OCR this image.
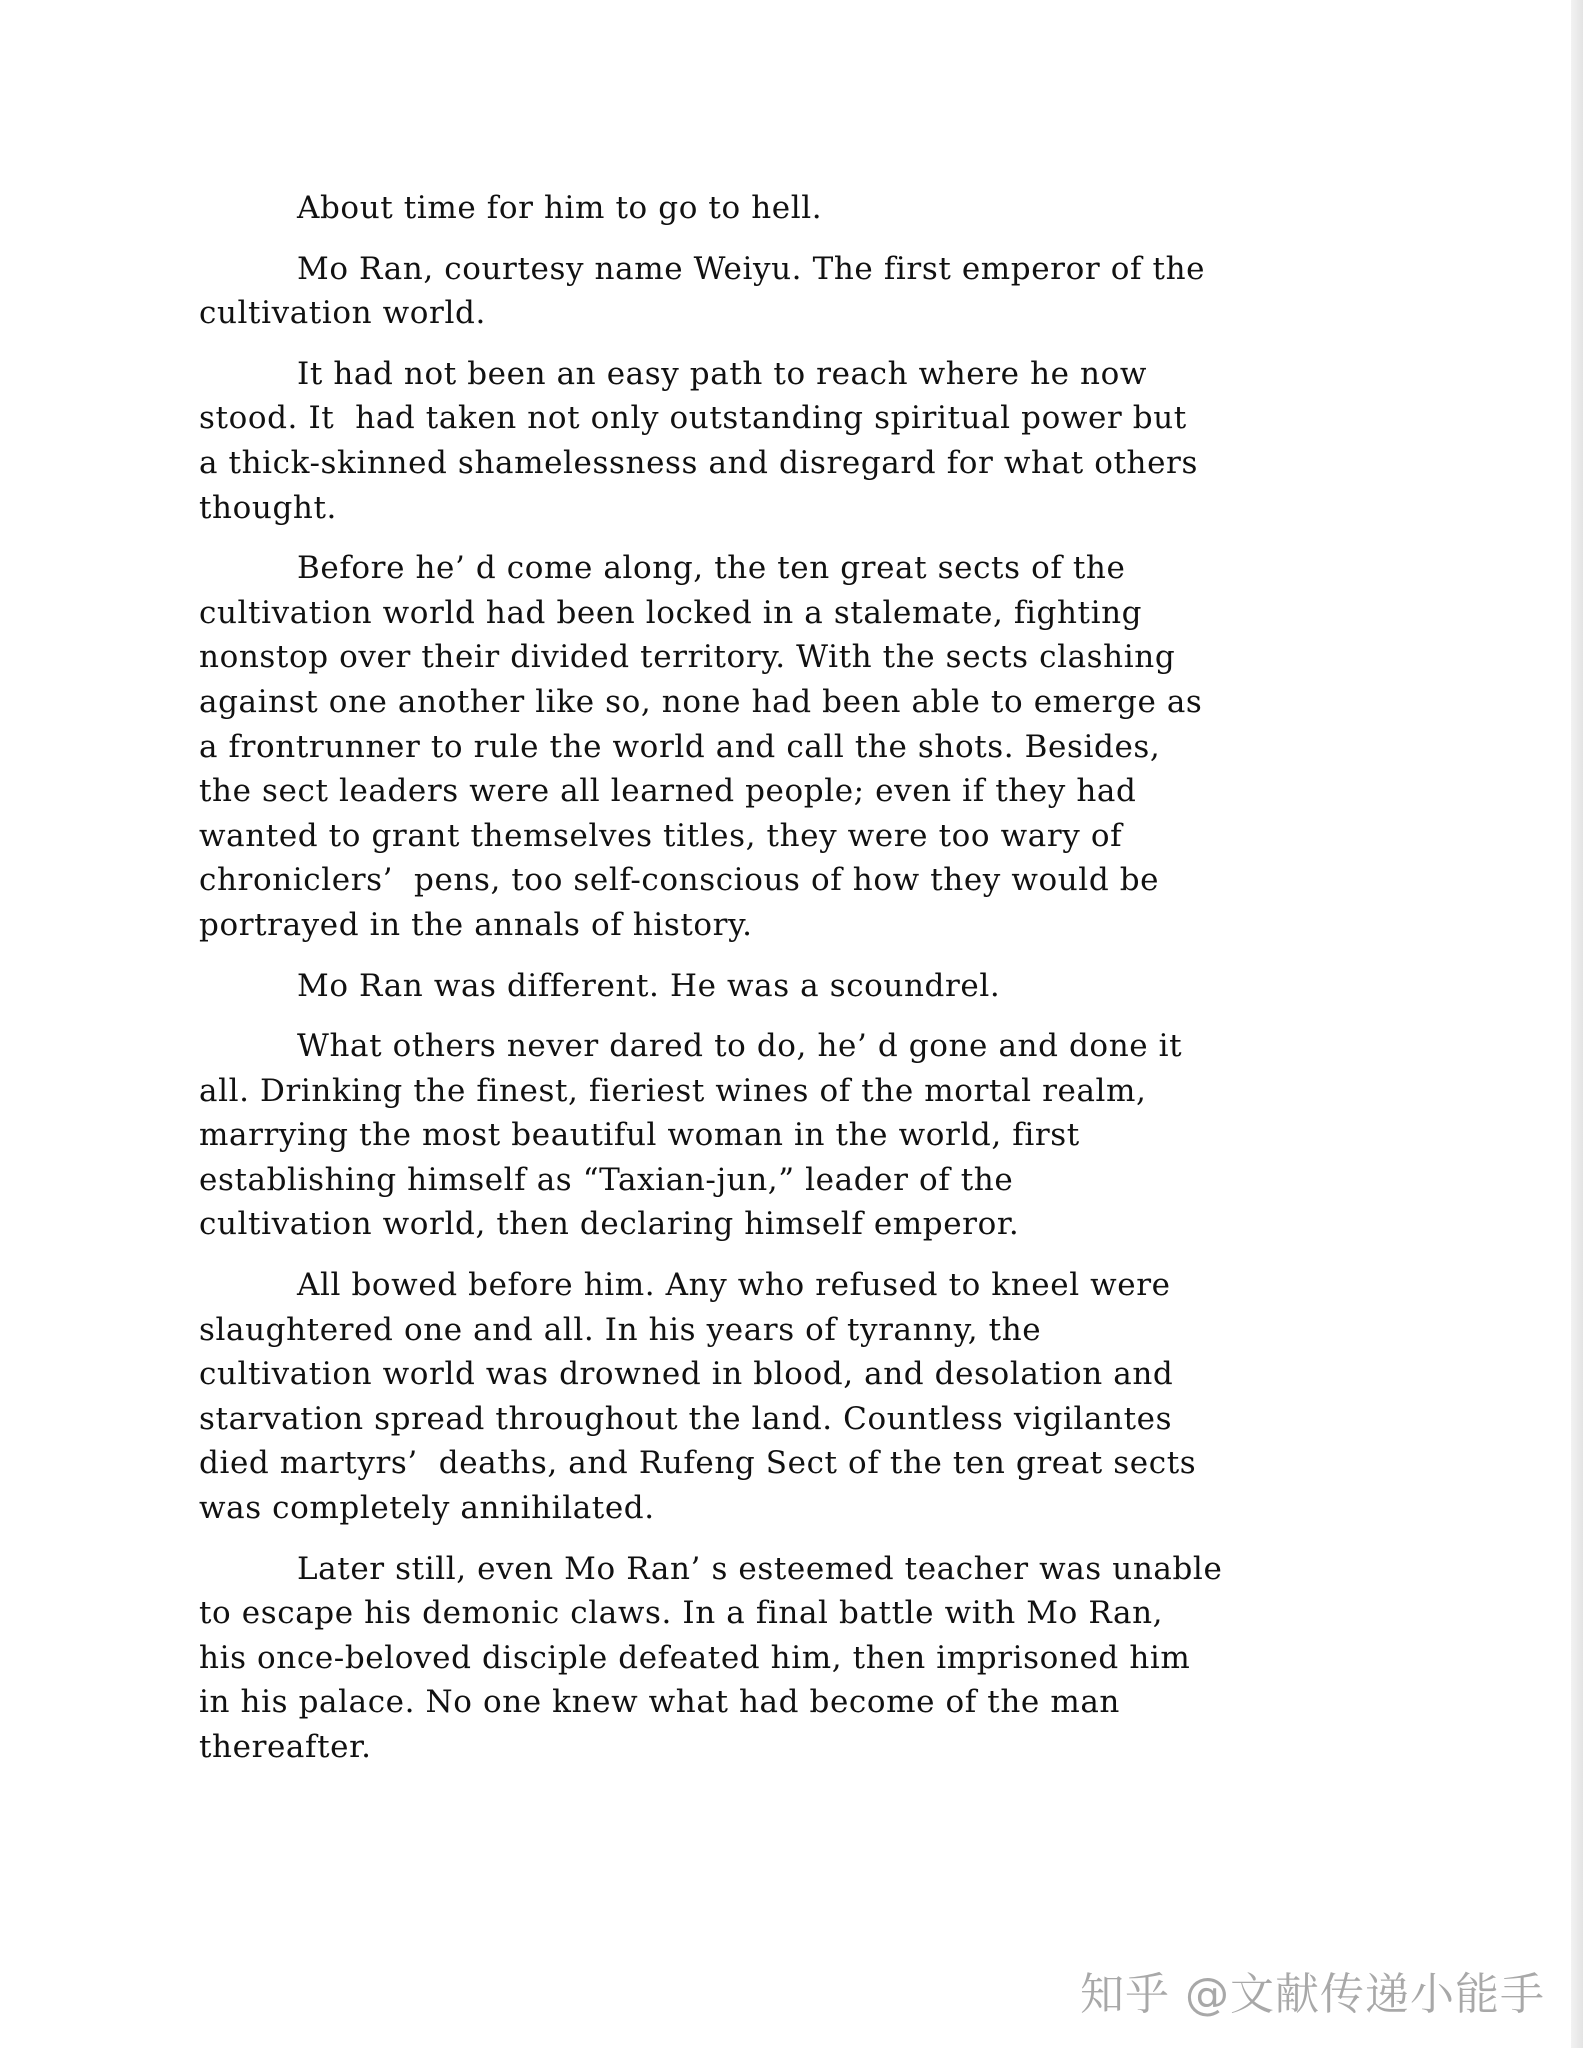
About time for him to go to hell.

Mo Ran, courtesy name Weiyu. The first emperor of the
cultivation world.

It had not been an easy path to reach where he now
stood. It  had taken not only outstanding spiritual power but
a thick-skinned shamelessness and disregard for what others
thought.

Before he’ d come along, the ten great sects of the
cultivation world had been locked in a stalemate, fighting
nonstop over their divided territory. With the sects clashing
against one another like so, none had been able to emerge as
a frontrunner to rule the world and call the shots. Besides,
the sect leaders were all learned people; even if they had
wanted to grant themselves titles, they were too wary of
chroniclers’  pens, too self-conscious of how they would be
portrayed in the annals of history.

Mo Ran was different. He was a scoundrel.

What others never dared to do, he’ d gone and done it
all. Drinking the finest, fieriest wines of the mortal realm,
marrying the most beautiful woman in the world, first
establishing himself as “Taxian-jun,” leader of the
cultivation world, then declaring himself emperor.

All bowed before him. Any who refused to kneel were
slaughtered one and all. In his years of tyranny, the
cultivation world was drowned in blood, and desolation and
starvation spread throughout the land. Countless vigilantes
died martyrs’  deaths, and Rufeng Sect of the ten great sects
was completely annihilated.

Later still, even Mo Ran’ s esteemed teacher was unable
to escape his demonic claws. In a final battle with Mo Ran,
his once-beloved disciple defeated him, then imprisoned him
in his palace. No one knew what had become of the man
thereafter.

知乎 @文献传递小能手
